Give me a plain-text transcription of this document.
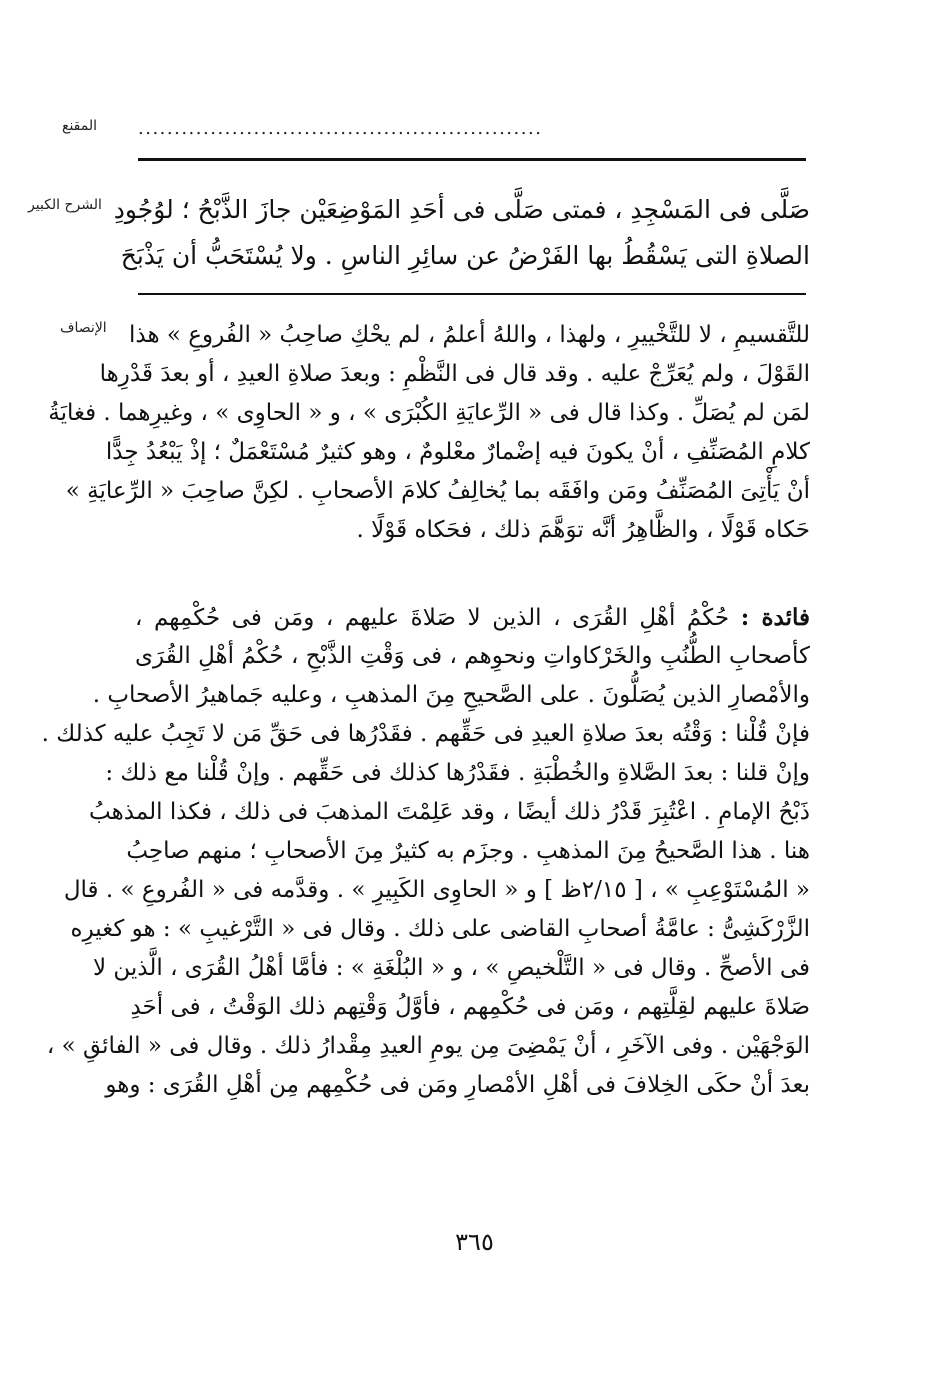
المقنع ........................................................
الشرح الكبير صَلَّى فى المَسْجِدِ ، فمتى صَلَّى فى أحَدِ المَوْضِعَيْن جازَ الذَّبْحُ ؛ لوُجُودِ
الصلاةِ التى يَسْقُطُ بها الفَرْضُ عن سائِرِ الناسِ . ولا يُسْتَحَبُّ أن يَذْبَحَ
الإنصاف للتَّقسيمِ ، لا للتَّخْييرِ ، ولهذا ، واللهُ أعلمُ ، لم يحْكِ صاحِبُ « الفُروعِ » هذا
القَوْلَ ، ولم يُعَرِّجْ عليه . وقد قال فى النَّظْمِ : وبعدَ صلاةِ العيدِ ، أو بعدَ قَدْرِها
لمَن لم يُصَلِّ . وكذا قال فى « الرِّعايَةِ الكُبْرَى » ، و « الحاوِى » ، وغيرِهما . فغايَةُ
كلامِ المُصَنِّفِ ، أنْ يكونَ فيه إضْمارٌ معْلومٌ ، وهو كثيرٌ مُسْتَعْمَلٌ ؛ إذْ يَبْعُدُ جِدًّا
أنْ يَأْتِىَ المُصَنِّفُ ومَن وافَقَه بما يُخالِفُ كلامَ الأصحابِ . لكِنَّ صاحِبَ « الرِّعايَةِ »
حَكاه قَوْلًا ، والظَّاهِرُ أنَّه توَهَّمَ ذلك ، فحَكاه قَوْلًا .
فائدة : حُكْمُ أهْلِ القُرَى ، الذين لا صَلاةَ عليهم ، ومَن فى حُكْمِهم ،
كأصحابِ الطُّنُبِ والخَرْكاواتِ ونحوِهم ، فى وَقْتِ الذَّبْحِ ، حُكْمُ أهْلِ القُرَى
والأمْصارِ الذين يُصَلُّونَ . على الصَّحيحِ مِنَ المذهبِ ، وعليه جَماهيرُ الأصحابِ .
فإنْ قُلْنا : وَقْتُه بعدَ صلاةِ العيدِ فى حَقِّهم . فقَدْرُها فى حَقِّ مَن لا تَجِبُ عليه كذلك .
وإنْ قلنا : بعدَ الصَّلاةِ والخُطْبَةِ . فقَدْرُها كذلك فى حَقِّهم . وإنْ قُلْنا مع ذلك :
ذَبْحُ الإمامِ . اعْتُبِرَ قَدْرُ ذلك أيضًا ، وقد عَلِمْتَ المذهبَ فى ذلك ، فكذا المذهبُ
هنا . هذا الصَّحيحُ مِنَ المذهبِ . وجزَم به كثيرٌ مِنَ الأصحابِ ؛ منهم صاحِبُ
« المُسْتَوْعِبِ » ، [ ٢/١٥ظ ] و « الحاوِى الكَبِيرِ » . وقدَّمه فى « الفُروعِ » . قال
الزَّرْكَشِىُّ : عامَّةُ أصحابِ القاضى على ذلك . وقال فى « التَّرْغيبِ » : هو كغيرِه
فى الأصحِّ . وقال فى « التَّلْخيصِ » ، و « البُلْغَةِ » : فأمَّا أهْلُ القُرَى ، الَّذين لا
صَلاةَ عليهم لقِلَّتِهم ، ومَن فى حُكْمِهم ، فأوَّلُ وَقْتِهم ذلك الوَقْتُ ، فى أحَدِ
الوَجْهَيْن . وفى الآخَرِ ، أنْ يَمْضِىَ مِن يومِ العيدِ مِقْدارُ ذلك . وقال فى « الفائقِ » ،
بعدَ أنْ حكَى الخِلافَ فى أهْلِ الأمْصارِ ومَن فى حُكْمِهم مِن أهْلِ القُرَى : وهو
٣٦٥
